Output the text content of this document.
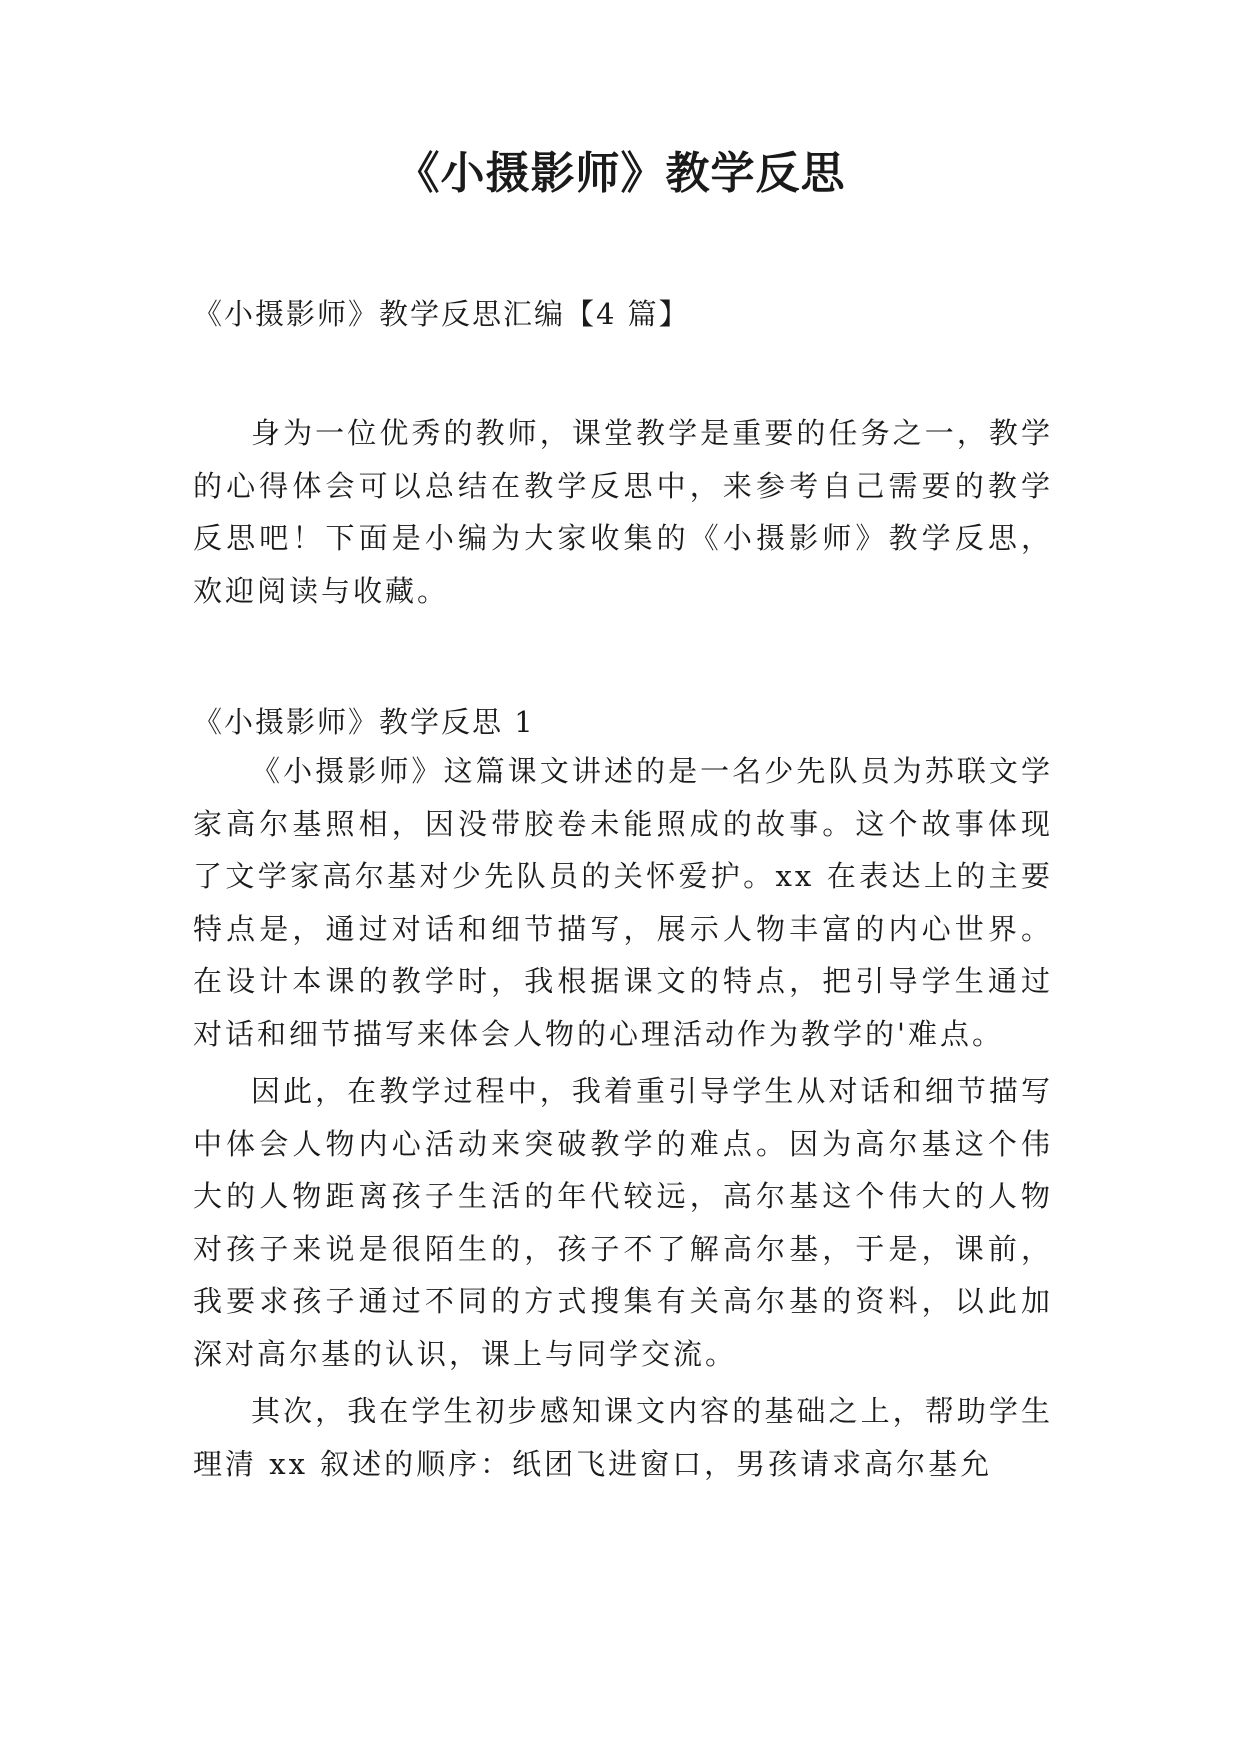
《小摄影师》教学反思
《小摄影师》教学反思汇编【4 篇】

身为一位优秀的教师，课堂教学是重要的任务之一，教学的心得体会可以总结在教学反思中，来参考自己需要的教学反思吧！下面是小编为大家收集的《小摄影师》教学反思，欢迎阅读与收藏。

《小摄影师》教学反思 1

《小摄影师》这篇课文讲述的是一名少先队员为苏联文学家高尔基照相，因没带胶卷未能照成的故事。这个故事体现了文学家高尔基对少先队员的关怀爱护。xx 在表达上的主要特点是，通过对话和细节描写，展示人物丰富的内心世界。在设计本课的教学时，我根据课文的特点，把引导学生通过对话和细节描写来体会人物的心理活动作为教学的'难点。

因此，在教学过程中，我着重引导学生从对话和细节描写中体会人物内心活动来突破教学的难点。因为高尔基这个伟大的人物距离孩子生活的年代较远，高尔基这个伟大的人物对孩子来说是很陌生的，孩子不了解高尔基，于是，课前，我要求孩子通过不同的方式搜集有关高尔基的资料，以此加深对高尔基的认识，课上与同学交流。

其次，我在学生初步感知课文内容的基础之上，帮助学生理清 xx 叙述的顺序：纸团飞进窗口，男孩请求高尔基允
